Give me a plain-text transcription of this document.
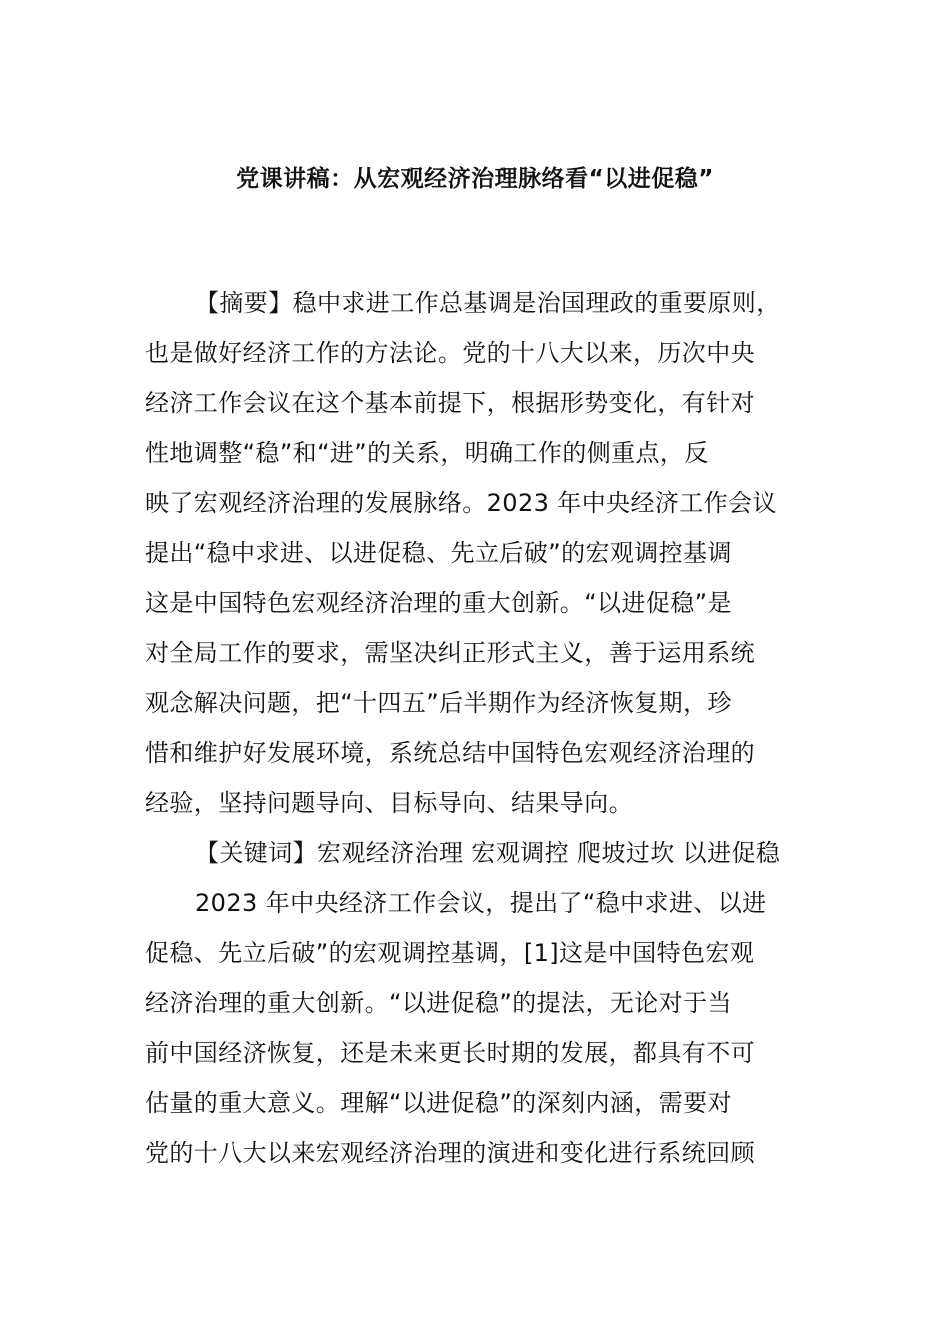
党课讲稿：从宏观经济治理脉络看“以进促稳”
【摘要】稳中求进工作总基调是治国理政的重要原则，
也是做好经济工作的方法论。党的十八大以来，历次中央
经济工作会议在这个基本前提下，根据形势变化，有针对
性地调整“稳”和“进”的关系，明确工作的侧重点，反
映了宏观经济治理的发展脉络。2023 年中央经济工作会议
提出“稳中求进、以进促稳、先立后破”的宏观调控基调
这是中国特色宏观经济治理的重大创新。“以进促稳”是
对全局工作的要求，需坚决纠正形式主义，善于运用系统
观念解决问题，把“十四五”后半期作为经济恢复期，珍
惜和维护好发展环境，系统总结中国特色宏观经济治理的
经验，坚持问题导向、目标导向、结果导向。
【关键词】宏观经济治理 宏观调控 爬坡过坎 以进促稳
2023 年中央经济工作会议，提出了“稳中求进、以进
促稳、先立后破”的宏观调控基调，[1]这是中国特色宏观
经济治理的重大创新。“以进促稳”的提法，无论对于当
前中国经济恢复，还是未来更长时期的发展，都具有不可
估量的重大意义。理解“以进促稳”的深刻内涵，需要对
党的十八大以来宏观经济治理的演进和变化进行系统回顾
